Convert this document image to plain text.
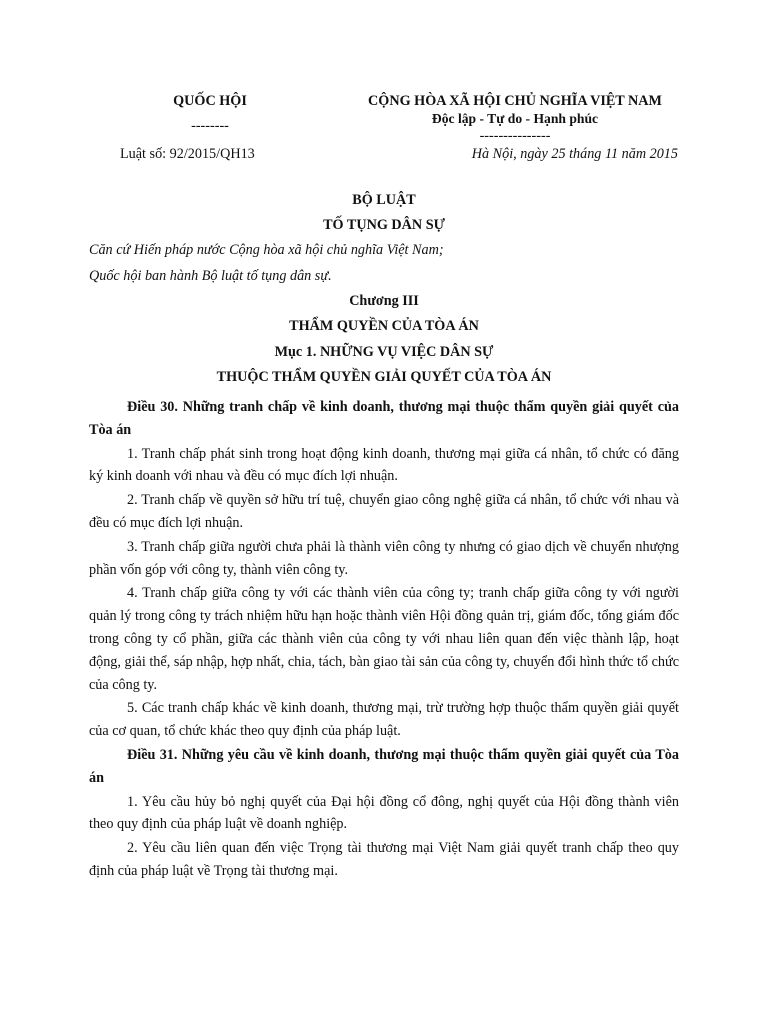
QUỐC HỘI
--------
Luật số: 92/2015/QH13
CỘNG HÒA XÃ HỘI CHỦ NGHĨA VIỆT NAM
Độc lập - Tự do - Hạnh phúc
---------------
Hà Nội, ngày 25 tháng 11 năm 2015
BỘ LUẬT
TỐ TỤNG DÂN SỰ
Căn cứ Hiến pháp nước Cộng hòa xã hội chủ nghĩa Việt Nam;
Quốc hội ban hành Bộ luật tố tụng dân sự.
Chương III
THẨM QUYỀN CỦA TÒA ÁN
Mục 1. NHỮNG VỤ VIỆC DÂN SỰ
THUỘC THẨM QUYỀN GIẢI QUYẾT CỦA TÒA ÁN

Điều 30. Những tranh chấp về kinh doanh, thương mại thuộc thẩm quyền giải quyết của Tòa án

1. Tranh chấp phát sinh trong hoạt động kinh doanh, thương mại giữa cá nhân, tổ chức có đăng ký kinh doanh với nhau và đều có mục đích lợi nhuận.

2. Tranh chấp về quyền sở hữu trí tuệ, chuyển giao công nghệ giữa cá nhân, tổ chức với nhau và đều có mục đích lợi nhuận.

3. Tranh chấp giữa người chưa phải là thành viên công ty nhưng có giao dịch về chuyển nhượng phần vốn góp với công ty, thành viên công ty.

4. Tranh chấp giữa công ty với các thành viên của công ty; tranh chấp giữa công ty với người quản lý trong công ty trách nhiệm hữu hạn hoặc thành viên Hội đồng quản trị, giám đốc, tổng giám đốc trong công ty cổ phần, giữa các thành viên của công ty với nhau liên quan đến việc thành lập, hoạt động, giải thể, sáp nhập, hợp nhất, chia, tách, bàn giao tài sản của công ty, chuyển đổi hình thức tổ chức của công ty.

5. Các tranh chấp khác về kinh doanh, thương mại, trừ trường hợp thuộc thẩm quyền giải quyết của cơ quan, tổ chức khác theo quy định của pháp luật.

Điều 31. Những yêu cầu về kinh doanh, thương mại thuộc thẩm quyền giải quyết của Tòa án

1. Yêu cầu hủy bỏ nghị quyết của Đại hội đồng cổ đông, nghị quyết của Hội đồng thành viên theo quy định của pháp luật về doanh nghiệp.

2. Yêu cầu liên quan đến việc Trọng tài thương mại Việt Nam giải quyết tranh chấp theo quy định của pháp luật về Trọng tài thương mại.
